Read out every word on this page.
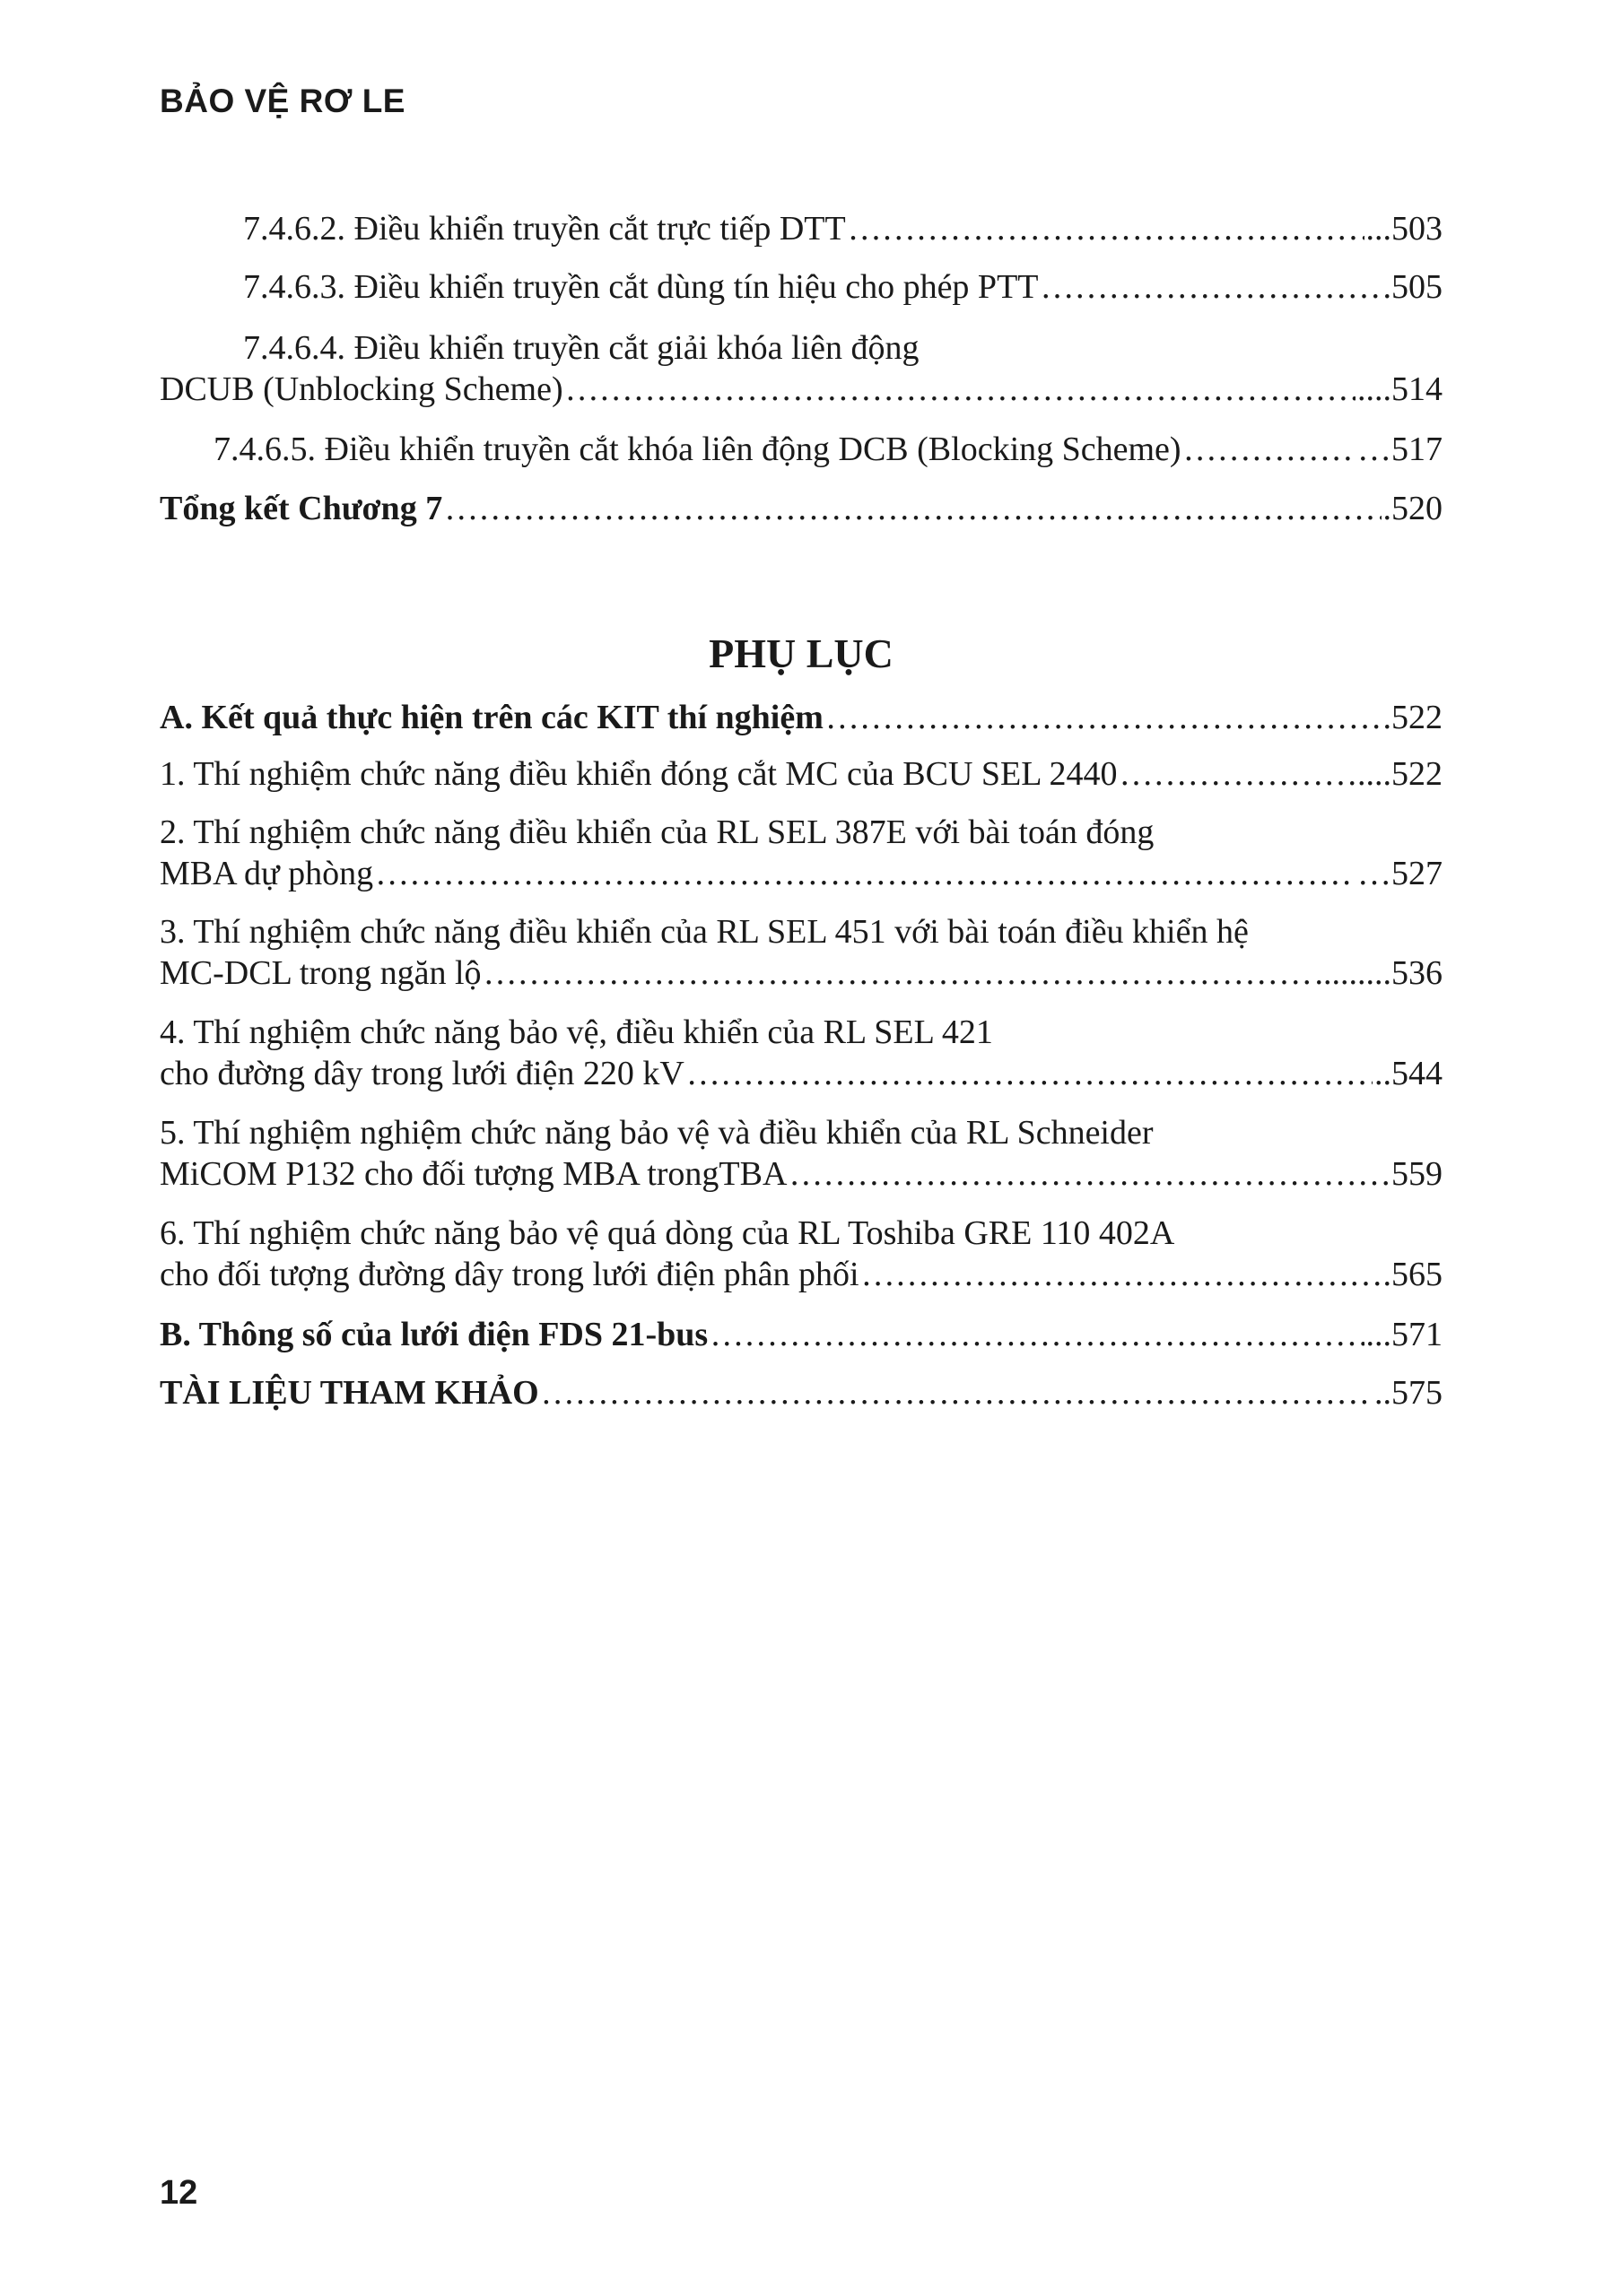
BẢO VỆ RƠ LE
7.4.6.2. Điều khiển truyền cắt trực tiếp DTT ……………………………………………………………………………………………………………………………………………………………………………………………………………………	...503
7.4.6.3. Điều khiển truyền cắt dùng tín hiệu cho phép PTT ……………………………………………………………………………………………………………………………………………………………………………………………………………………	.505
7.4.6.4. Điều khiển truyền cắt giải khóa liên động
DCUB (Unblocking Scheme) ……………………………………………………………………………………………………………………………………………………………………………………………………………………	....514
7.4.6.5. Điều khiển truyền cắt khóa liên động DCB (Blocking Scheme) ……………………………………………………………………………………………………………………………………………………………………………………………………………………	…517
Tổng kết Chương 7 ……………………………………………………………………………………………………………………………………………………………………………………………………………………	.520
PHỤ LỤC
A. Kết quả thực hiện trên các KIT thí nghiệm ……………………………………………………………………………………………………………………………………………………………………………………………………………………	.522
1. Thí nghiệm chức năng điều khiển đóng cắt MC của BCU SEL 2440 ……………………………………………………………………………………………………………………………………………………………………………………………………………………	....522
2. Thí nghiệm chức năng điều khiển của RL SEL 387E với bài toán đóng
MBA dự phòng ……………………………………………………………………………………………………………………………………………………………………………………………………………………	…527
3. Thí nghiệm chức năng điều khiển của RL SEL 451 với bài toán điều khiển hệ
MC-DCL trong ngăn lộ ……………………………………………………………………………………………………………………………………………………………………………………………………………………	.........536
4. Thí nghiệm chức năng bảo vệ, điều khiển của RL SEL 421
cho đường dây trong lưới điện 220 kV ……………………………………………………………………………………………………………………………………………………………………………………………………………………	..544
5. Thí nghiệm nghiệm chức năng bảo vệ và điều khiển của RL Schneider
MiCOM P132 cho đối tượng MBA trongTBA ……………………………………………………………………………………………………………………………………………………………………………………………………………………	……559
6. Thí nghiệm chức năng bảo vệ quá dòng của RL Toshiba GRE 110 402A
cho đối tượng đường dây trong lưới điện phân phối ……………………………………………………………………………………………………………………………………………………………………………………………………………………	….565
B. Thông số của lưới điện FDS 21-bus ……………………………………………………………………………………………………………………………………………………………………………………………………………………	...571
TÀI LIỆU THAM KHẢO ……………………………………………………………………………………………………………………………………………………………………………………………………………………	..575
12
